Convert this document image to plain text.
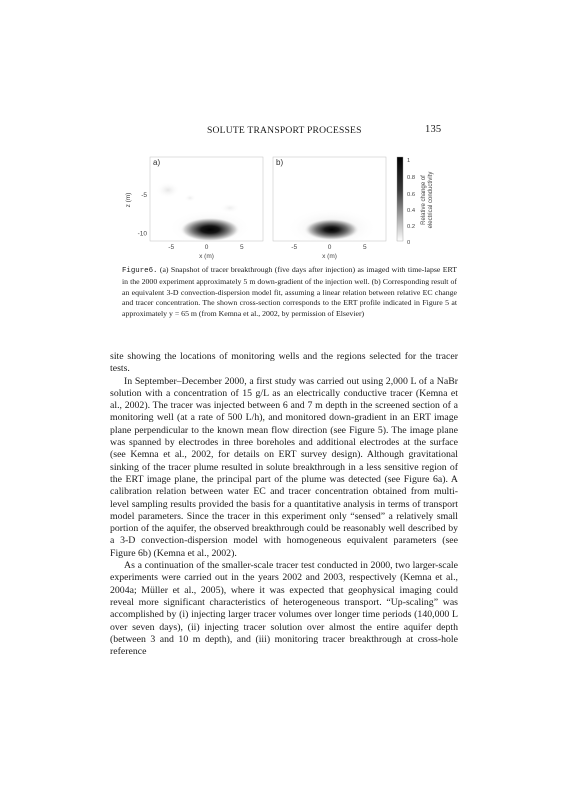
SOLUTE TRANSPORT PROCESSES	135
a)
z (m) -5
-10
-5	0	5
x (m)
b)
-5	0	5
x (m)
1
0.8
0.6
0.4
0.2
0
Relative change of electrical conductivity
Figure6. (a) Snapshot of tracer breakthrough (five days after injection) as imaged with time-lapse ERT in the 2000 experiment approximately 5 m down-gradient of the injection well. (b) Corresponding result of an equivalent 3-D convection-dispersion model fit, assuming a linear relation between relative EC change and tracer concentration. The shown cross-section corresponds to the ERT profile indicated in Figure 5 at approximately y = 65 m (from Kemna et al., 2002, by permission of Elsevier)

site showing the locations of monitoring wells and the regions selected for the tracer tests.

In September–December 2000, a first study was carried out using 2,000 L of a NaBr solution with a concentration of 15 g/L as an electrically conductive tracer (Kemna et al., 2002). The tracer was injected between 6 and 7 m depth in the screened section of a monitoring well (at a rate of 500 L/h), and monitored down-gradient in an ERT image plane perpendicular to the known mean flow direction (see Figure 5). The image plane was spanned by electrodes in three boreholes and additional electrodes at the surface (see Kemna et al., 2002, for details on ERT survey design). Although gravitational sinking of the tracer plume resulted in solute breakthrough in a less sensitive region of the ERT image plane, the principal part of the plume was detected (see Figure 6a). A calibration relation between water EC and tracer concentration obtained from multi-level sampling results provided the basis for a quantitative analysis in terms of transport model parameters. Since the tracer in this experiment only “sensed” a relatively small portion of the aquifer, the observed breakthrough could be reasonably well described by a 3-D convection-dispersion model with homogeneous equivalent parameters (see Figure 6b) (Kemna et al., 2002).

As a continuation of the smaller-scale tracer test conducted in 2000, two larger-scale experiments were carried out in the years 2002 and 2003, respectively (Kemna et al., 2004a; Müller et al., 2005), where it was expected that geophysical imaging could reveal more significant characteristics of heterogeneous transport. “Up-scaling” was accomplished by (i) injecting larger tracer volumes over longer time periods (140,000 L over seven days), (ii) injecting tracer solution over almost the entire aquifer depth (between 3 and 10 m depth), and (iii) monitoring tracer breakthrough at cross-hole reference
